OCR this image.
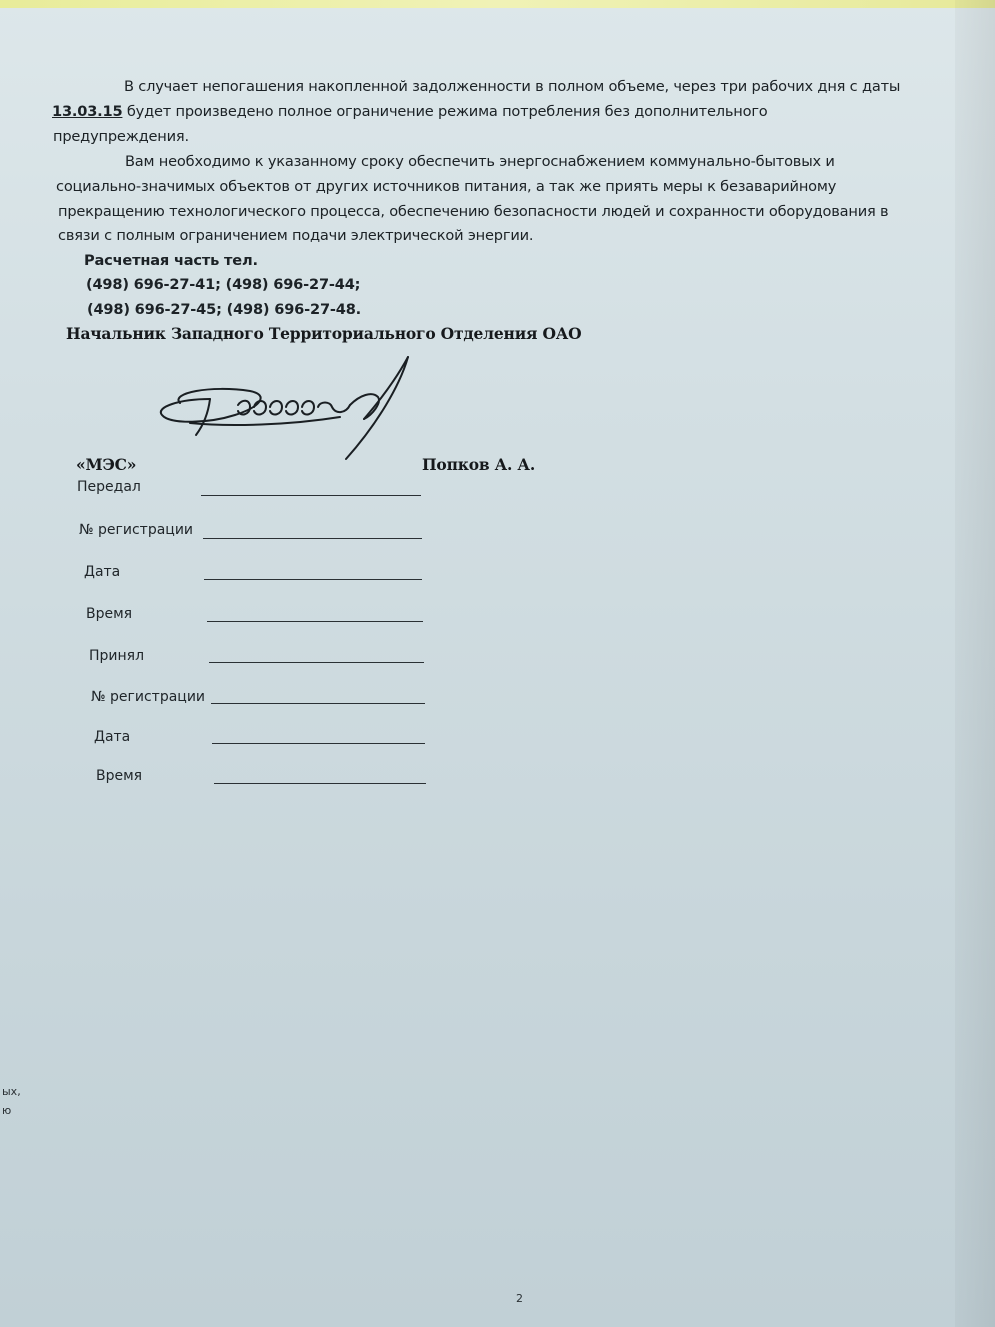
В случает непогашения накопленной задолженности в полном объеме, через три рабочих дня с даты
13.03.15 будет произведено полное ограничение режима потребления без дополнительного
предупреждения.
Вам необходимо к указанному сроку обеспечить энергоснабжением коммунально-бытовых и
социально-значимых объектов от других источников питания, а так же приять меры к безаварийному
прекращению технологического процесса, обеспечению безопасности людей и сохранности оборудования в
связи с полным ограничением подачи электрической энергии.
Расчетная часть тел.
(498) 696-27-41; (498) 696-27-44;
(498) 696-27-45; (498) 696-27-48.
Начальник Западного Территориального Отделения ОАО
«МЭС»	Попков А. А.
Передал
№ регистрации
Дата
Время
Принял
№ регистрации
Дата
Время
ых,
ю
2
